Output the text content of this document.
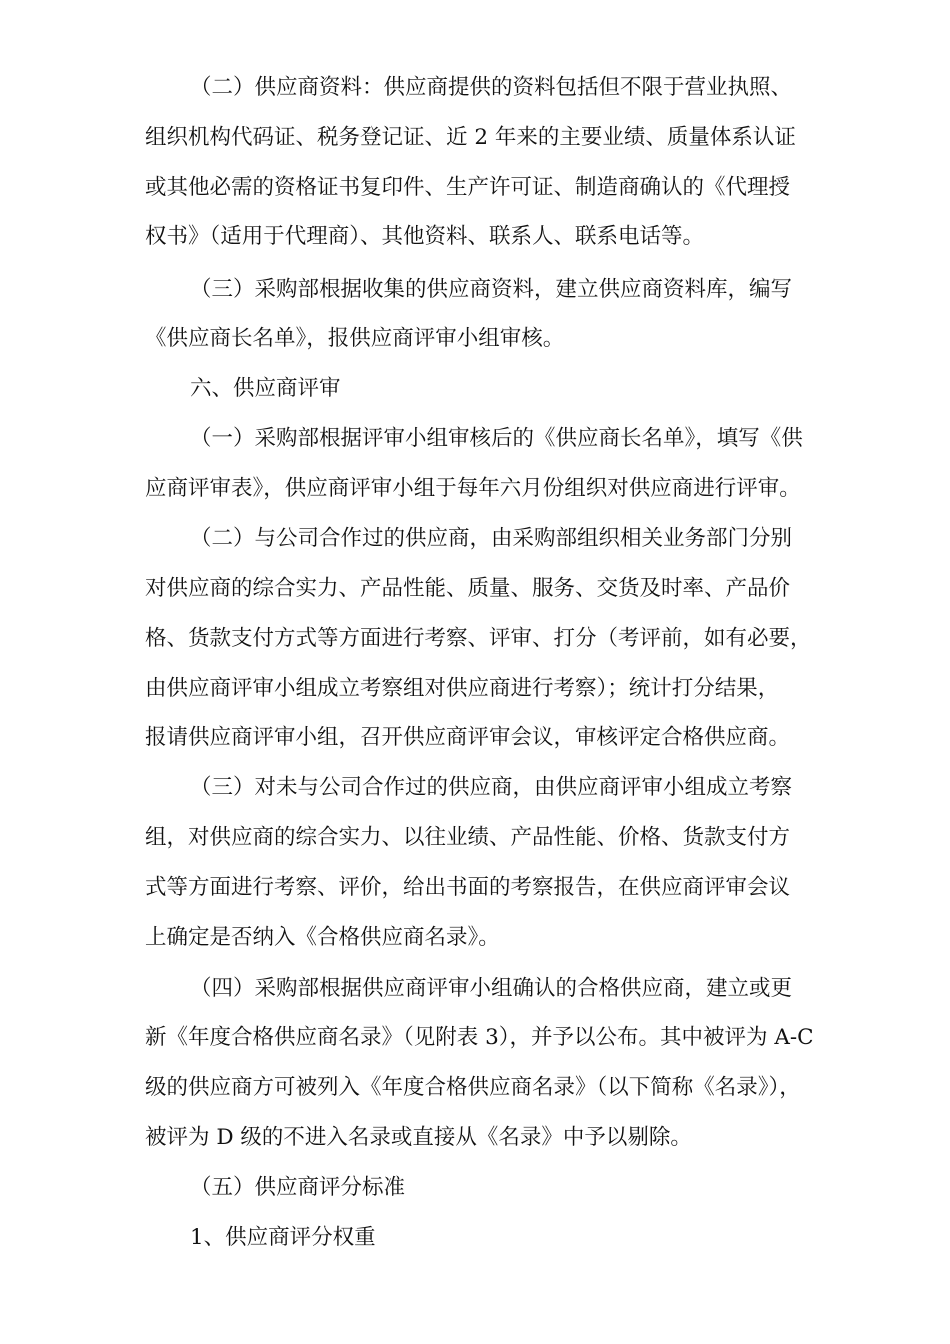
（二）供应商资料：供应商提供的资料包括但不限于营业执照、
组织机构代码证、税务登记证、近 2 年来的主要业绩、质量体系认证
或其他必需的资格证书复印件、生产许可证、制造商确认的《代理授
权书》（适用于代理商）、其他资料、联系人、联系电话等。
（三）采购部根据收集的供应商资料，建立供应商资料库，编写
《供应商长名单》，报供应商评审小组审核。
六、供应商评审
（一）采购部根据评审小组审核后的《供应商长名单》，填写《供
应商评审表》，供应商评审小组于每年六月份组织对供应商进行评审。
（二）与公司合作过的供应商，由采购部组织相关业务部门分别
对供应商的综合实力、产品性能、质量、服务、交货及时率、产品价
格、货款支付方式等方面进行考察、评审、打分（考评前，如有必要，
由供应商评审小组成立考察组对供应商进行考察）；统计打分结果，
报请供应商评审小组，召开供应商评审会议，审核评定合格供应商。
（三）对未与公司合作过的供应商，由供应商评审小组成立考察
组，对供应商的综合实力、以往业绩、产品性能、价格、货款支付方
式等方面进行考察、评价，给出书面的考察报告，在供应商评审会议
上确定是否纳入《合格供应商名录》。
（四）采购部根据供应商评审小组确认的合格供应商，建立或更
新《年度合格供应商名录》（见附表 3），并予以公布。其中被评为 A-C
级的供应商方可被列入《年度合格供应商名录》（以下简称《名录》），
被评为 D 级的不进入名录或直接从《名录》中予以剔除。
（五）供应商评分标准
1、供应商评分权重
